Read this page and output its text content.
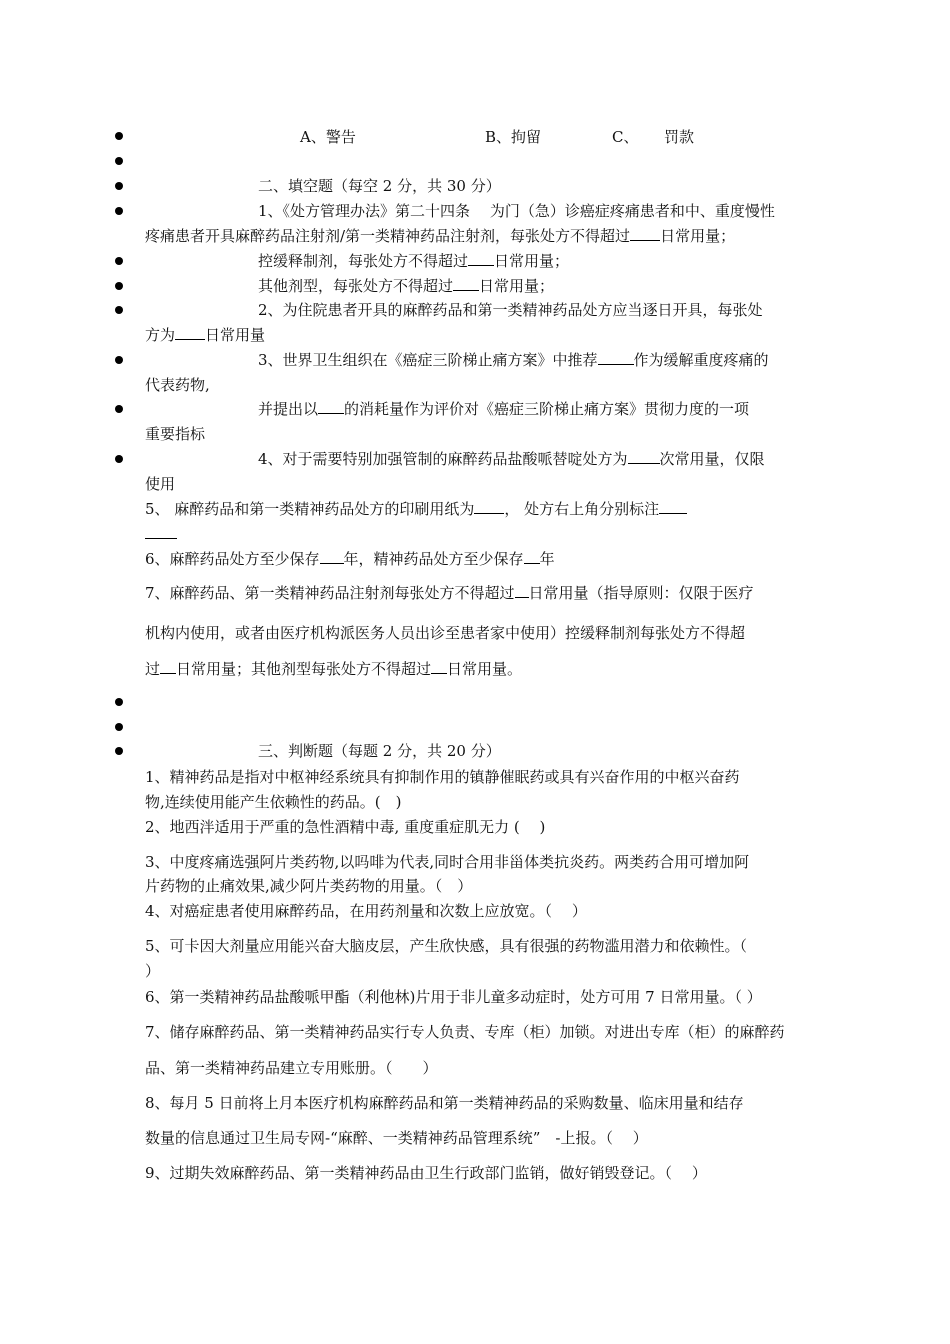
A、警告	B、拘留	C、 罚款
二、填空题（每空 2 分，共 30 分）
1、《处方管理办法》第二十四条　 为门（急）诊癌症疼痛患者和中、重度慢性
疼痛患者开具麻醉药品注射剂/第一类精神药品注射剂，每张处方不得超过 日常用量；
控缓释制剂，每张处方不得超过 日常用量；
其他剂型，每张处方不得超过 日常用量；
2、为住院患者开具的麻醉药品和第一类精神药品处方应当逐日开具，每张处
方为 日常用量
3、世界卫生组织在《癌症三阶梯止痛方案》中推荐 作为缓解重度疼痛的
代表药物,
并提出以 的消耗量作为评价对《癌症三阶梯止痛方案》贯彻力度的一项
重要指标
4、对于需要特别加强管制的麻醉药品盐酸哌替啶处方为 次常用量，仅限
使用
5、 麻醉药品和第一类精神药品处方的印刷用纸为 ， 处方右上角分别标注
6、麻醉药品处方至少保存 年，精神药品处方至少保存 年
7、麻醉药品、第一类精神药品注射剂每张处方不得超过 日常用量（指导原则：仅限于医疗
机构内使用，或者由医疗机构派医务人员出诊至患者家中使用）控缓释制剂每张处方不得超
过 日常用量；其他剂型每张处方不得超过 日常用量。
三、判断题（每题 2 分，共 20 分）
1、精神药品是指对中枢神经系统具有抑制作用的镇静催眠药或具有兴奋作用的中枢兴奋药
物,连续使用能产生依赖性的药品。(　)
2、地西泮适用于严重的急性酒精中毒, 重度重症肌无力 (　 )
3、中度疼痛选强阿片类药物,以吗啡为代表,同时合用非甾体类抗炎药。两类药合用可增加阿
片药物的止痛效果,减少阿片类药物的用量。（　）
4、对癌症患者使用麻醉药品，在用药剂量和次数上应放宽。（　 ）
5、可卡因大剂量应用能兴奋大脑皮层，产生欣快感，具有很强的药物滥用潜力和依赖性。（
）
6、第一类精神药品盐酸哌甲酯（利他林)片用于非儿童多动症时，处方可用 7 日常用量。（ ）
7、储存麻醉药品、第一类精神药品实行专人负责、专库（柜）加锁。对进出专库（柜）的麻醉药
品、第一类精神药品建立专用账册。（　　）
8、每月 5 日前将上月本医疗机构麻醉药品和第一类精神药品的采购数量、临床用量和结存
数量的信息通过卫生局专网-“麻醉、一类精神药品管理系统”　-上报。（　 ）
9、过期失效麻醉药品、第一类精神药品由卫生行政部门监销，做好销毁登记。（　 ）
